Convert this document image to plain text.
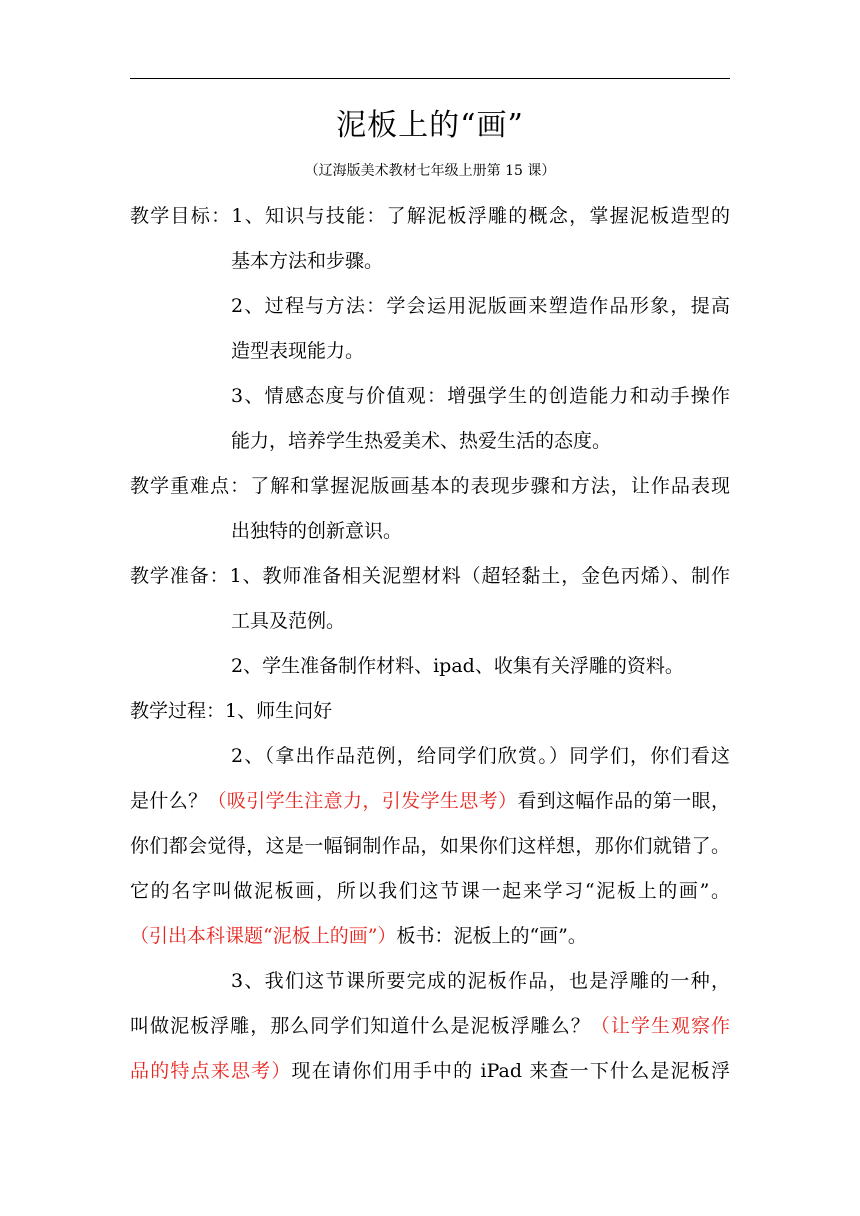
泥板上的“画”
（辽海版美术教材七年级上册第 15 课）
教学目标：1、知识与技能：了解泥板浮雕的概念，掌握泥板造型的
基本方法和步骤。
2、过程与方法：学会运用泥版画来塑造作品形象，提高
造型表现能力。
3、情感态度与价值观：增强学生的创造能力和动手操作
能力，培养学生热爱美术、热爱生活的态度。
教学重难点：了解和掌握泥版画基本的表现步骤和方法，让作品表现
出独特的创新意识。
教学准备：1、教师准备相关泥塑材料（超轻黏土，金色丙烯）、制作
工具及范例。
2、学生准备制作材料、ipad、收集有关浮雕的资料。
教学过程：1、师生问好
2、（拿出作品范例，给同学们欣赏。）同学们，你们看这
是什么？（吸引学生注意力，引发学生思考）看到这幅作品的第一眼，
你们都会觉得，这是一幅铜制作品，如果你们这样想，那你们就错了。
它的名字叫做泥板画，所以我们这节课一起来学习“泥板上的画”。
（引出本科课题“泥板上的画”）板书：泥板上的“画”。
3、我们这节课所要完成的泥板作品，也是浮雕的一种，
叫做泥板浮雕，那么同学们知道什么是泥板浮雕么？（让学生观察作
品的特点来思考）现在请你们用手中的 iPad 来查一下什么是泥板浮
